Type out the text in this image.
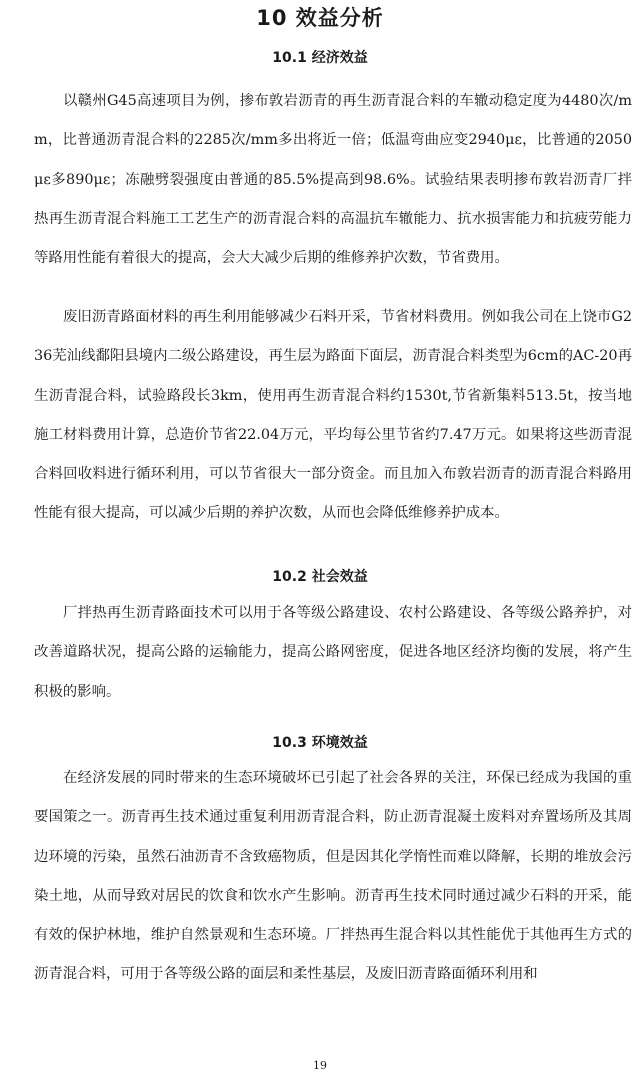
10 效益分析
10.1 经济效益

以赣州G45高速项目为例，掺布敦岩沥青的再生沥青混合料的车辙动稳定度为4480次/mm，比普通沥青混合料的2285次/mm多出将近一倍；低温弯曲应变2940με，比普通的2050με多890με；冻融劈裂强度由普通的85.5%提高到98.6%。试验结果表明掺布敦岩沥青厂拌热再生沥青混合料施工工艺生产的沥青混合料的高温抗车辙能力、抗水损害能力和抗疲劳能力等路用性能有着很大的提高，会大大减少后期的维修养护次数，节省费用。

废旧沥青路面材料的再生利用能够减少石料开采，节省材料费用。例如我公司在上饶市G236芜汕线鄱阳县境内二级公路建设，再生层为路面下面层，沥青混合料类型为6cm的AC-20再生沥青混合料，试验路段长3km，使用再生沥青混合料约1530t,节省新集料513.5t，按当地施工材料费用计算，总造价节省22.04万元，平均每公里节省约7.47万元。如果将这些沥青混合料回收料进行循环利用，可以节省很大一部分资金。而且加入布敦岩沥青的沥青混合料路用性能有很大提高，可以减少后期的养护次数，从而也会降低维修养护成本。

10.2 社会效益

厂拌热再生沥青路面技术可以用于各等级公路建设、农村公路建设、各等级公路养护，对改善道路状况，提高公路的运输能力，提高公路网密度，促进各地区经济均衡的发展，将产生积极的影响。

10.3 环境效益

在经济发展的同时带来的生态环境破坏已引起了社会各界的关注，环保已经成为我国的重要国策之一。沥青再生技术通过重复利用沥青混合料，防止沥青混凝土废料对弃置场所及其周边环境的污染，虽然石油沥青不含致癌物质，但是因其化学惰性而难以降解，长期的堆放会污染土地，从而导致对居民的饮食和饮水产生影响。沥青再生技术同时通过减少石料的开采，能有效的保护林地，维护自然景观和生态环境。厂拌热再生混合料以其性能优于其他再生方式的沥青混合料，可用于各等级公路的面层和柔性基层，及废旧沥青路面循环利用和

19
